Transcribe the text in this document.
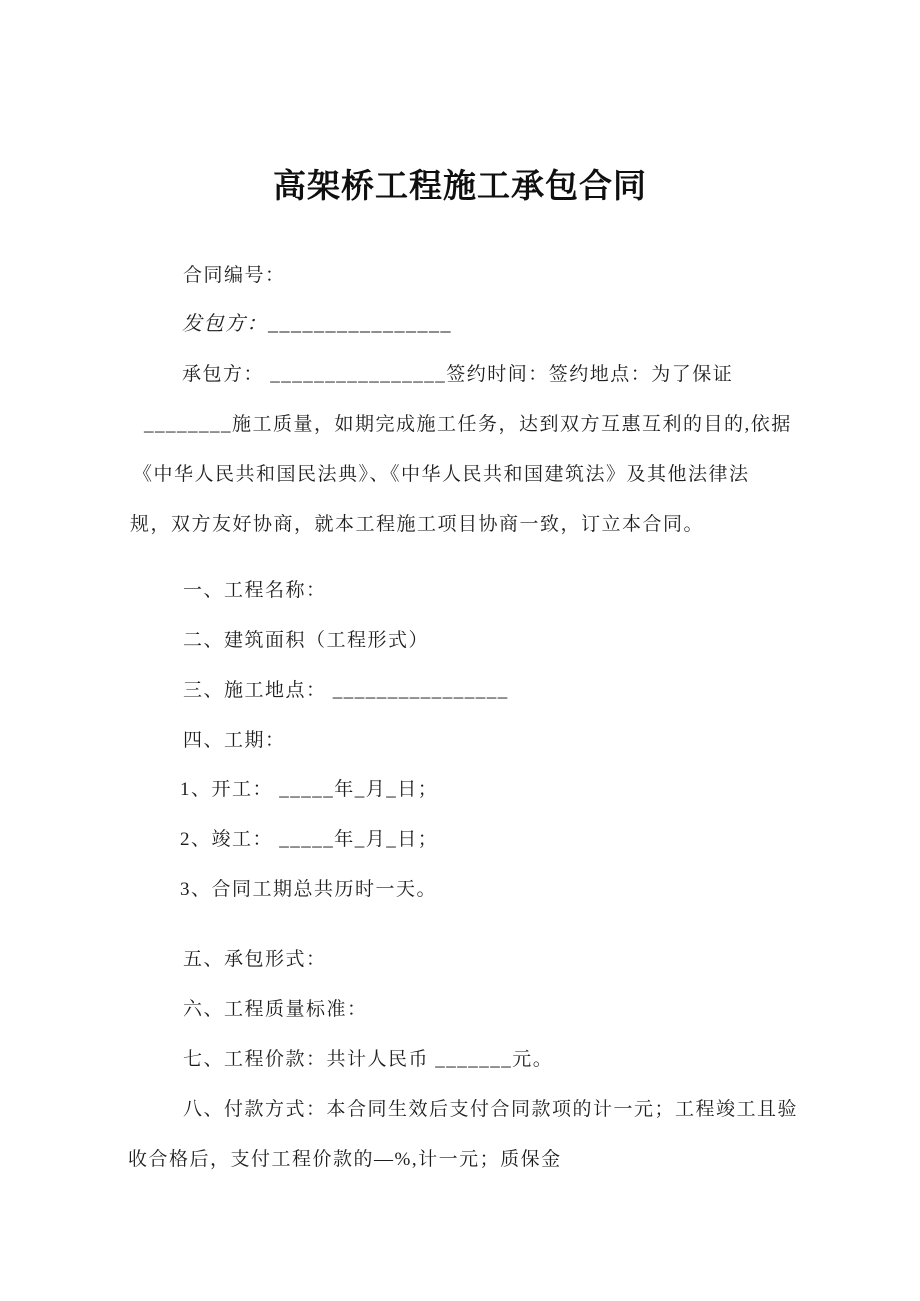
高架桥工程施工承包合同
合同编号：
发包方：________________
承包方： ________________签约时间：签约地点：为了保证
________施工质量，如期完成施工任务，达到双方互惠互利的目的,依据
《中华人民共和国民法典》、《中华人民共和国建筑法》及其他法律法
规，双方友好协商，就本工程施工项目协商一致，订立本合同。
一、工程名称：
二、建筑面积（工程形式）
三、施工地点： ________________
四、工期：
1、开工： _____年_月_日；
2、竣工： _____年_月_日；
3、合同工期总共历时一天。
五、承包形式：
六、工程质量标准：
七、工程价款：共计人民币 _______元。
八、付款方式：本合同生效后支付合同款项的计一元；工程竣工且验
收合格后，支付工程价款的—%,计一元；质保金
